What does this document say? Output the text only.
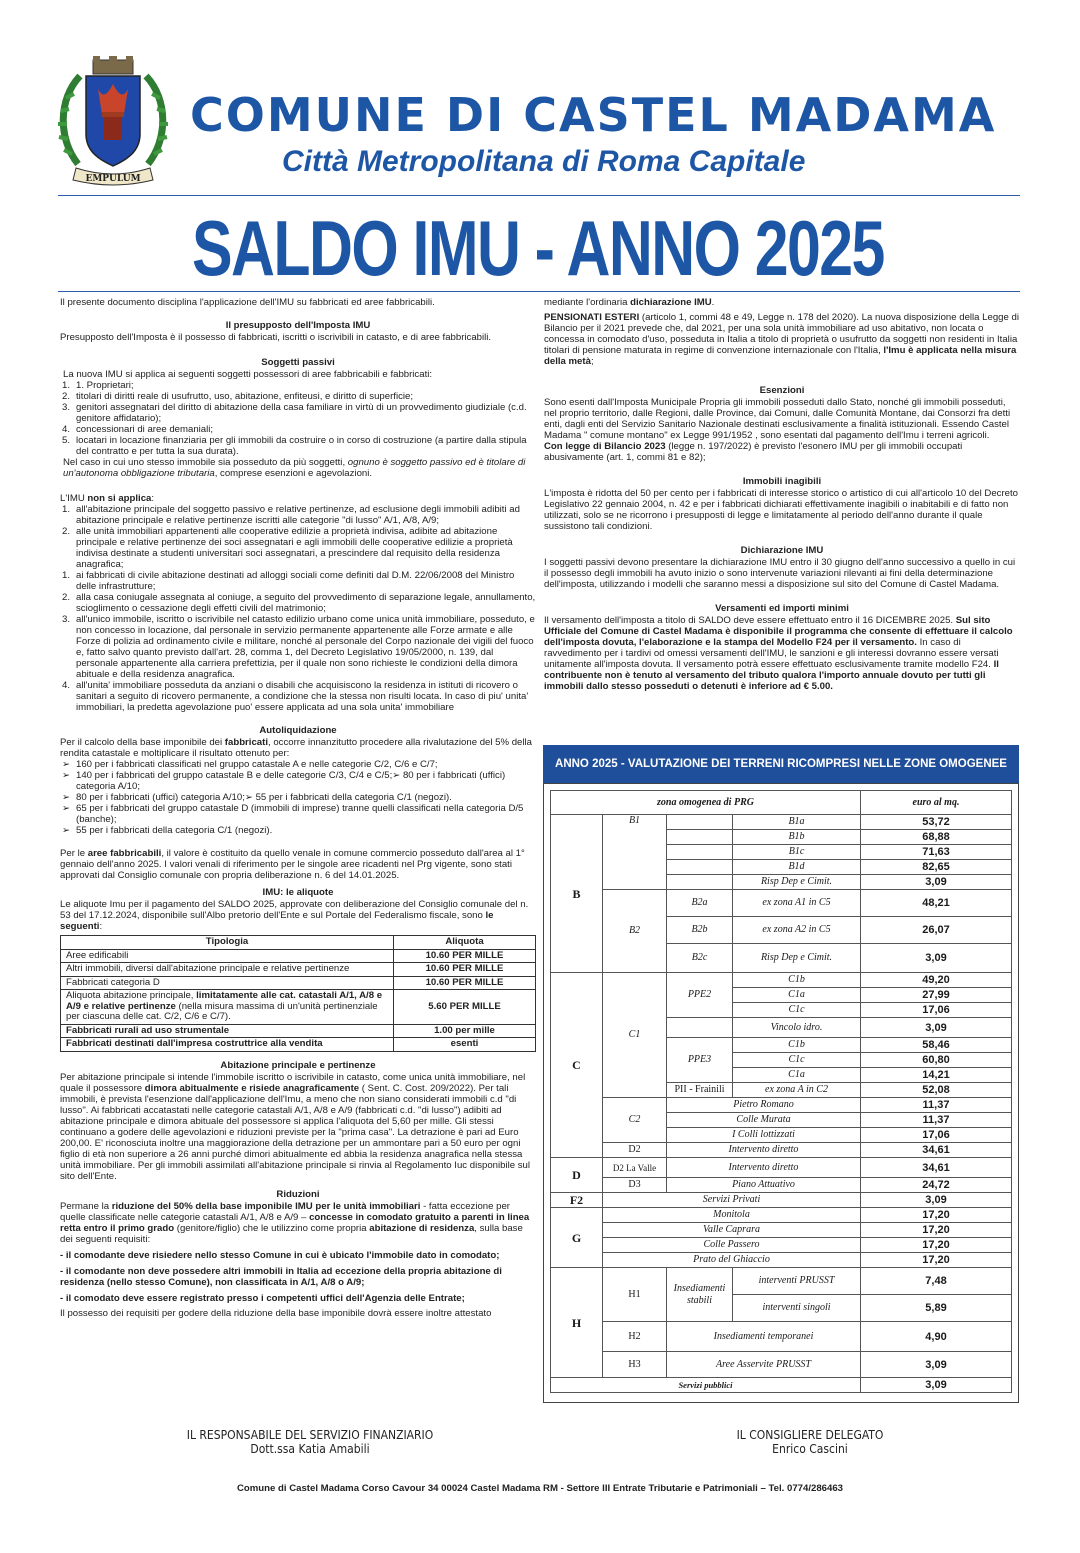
EMPULUM
COMUNE DI CASTEL MADAMA
Città Metropolitana di Roma Capitale
SALDO IMU - ANNO 2025

Il presente documento disciplina l'applicazione dell'IMU su fabbricati ed aree fabbricabili.

Il presupposto dell'Imposta IMU

Presupposto dell'Imposta è il possesso di fabbricati, iscritti o iscrivibili in catasto, e di aree fabbricabili.

Soggetti passivi

La nuova IMU si applica ai seguenti soggetti possessori di aree fabbricabili e fabbricati:

1. 1. Proprietari;
2. titolari di diritti reale di usufrutto, uso, abitazione, enfiteusi, e diritto di superficie;
3. genitori assegnatari del diritto di abitazione della casa familiare in virtù di un provvedimento giudiziale (c.d. genitore affidatario);
4. concessionari di aree demaniali;
5. locatari in locazione finanziaria per gli immobili da costruire o in corso di costruzione (a partire dalla stipula del contratto e per tutta la sua durata).

Nel caso in cui uno stesso immobile sia posseduto da più soggetti, ognuno è soggetto passivo ed è titolare di un'autonoma obbligazione tributaria, comprese esenzioni e agevolazioni.

L'IMU non si applica:

1. all'abitazione principale del soggetto passivo e relative pertinenze, ad esclusione degli immobili adibiti ad abitazione principale e relative pertinenze iscritti alle categorie "di lusso" A/1, A/8, A/9;
2. alle unità immobiliari appartenenti alle cooperative edilizie a proprietà indivisa, adibite ad abitazione principale e relative pertinenze dei soci assegnatari e agli immobili delle cooperative edilizie a proprietà indivisa destinate a studenti universitari soci assegnatari, a prescindere dal requisito della residenza anagrafica;
1. ai fabbricati di civile abitazione destinati ad alloggi sociali come definiti dal D.M. 22/06/2008 del Ministro delle infrastrutture;
2. alla casa coniugale assegnata al coniuge, a seguito del provvedimento di separazione legale, annullamento, scioglimento o cessazione degli effetti civili del matrimonio;
3. all'unico immobile, iscritto o iscrivibile nel catasto edilizio urbano come unica unità immobiliare, posseduto, e non concesso in locazione, dal personale in servizio permanente appartenente alle Forze armate e alle Forze di polizia ad ordinamento civile e militare, nonché al personale del Corpo nazionale dei vigili del fuoco e, fatto salvo quanto previsto dall'art. 28, comma 1, del Decreto Legislativo 19/05/2000, n. 139, dal personale appartenente alla carriera prefettizia, per il quale non sono richieste le condizioni della dimora abituale e della residenza anagrafica.
4. all'unita' immobiliare posseduta da anziani o disabili che acquisiscono la residenza in istituti di ricovero o sanitari a seguito di ricovero permanente, a condizione che la stessa non risulti locata. In caso di piu' unita' immobiliari, la predetta agevolazione puo' essere applicata ad una sola unita' immobiliare
Autoliquidazione

Per il calcolo della base imponibile dei fabbricati, occorre innanzitutto procedere alla rivalutazione del 5% della rendita catastale e moltiplicare il risultato ottenuto per:

➢ 160 per i fabbricati classificati nel gruppo catastale A e nelle categorie C/2, C/6 e C/7;
➢ 140 per i fabbricati del gruppo catastale B e delle categorie C/3, C/4 e C/5;➢ 80 per i fabbricati (uffici) categoria A/10;
➢ 80 per i fabbricati (uffici) categoria A/10;➢ 55 per i fabbricati della categoria C/1 (negozi).
➢ 65 per i fabbricati del gruppo catastale D (immobili di imprese) tranne quelli classificati nella categoria D/5 (banche);
➢ 55 per i fabbricati della categoria C/1 (negozi).

Per le aree fabbricabili, il valore è costituito da quello venale in comune commercio posseduto dall'area al 1° gennaio dell'anno 2025. I valori venali di riferimento per le singole aree ricadenti nel Prg vigente, sono stati approvati dal Consiglio comunale con propria deliberazione n. 6 del 14.01.2025.

IMU: le aliquote

Le aliquote Imu per il pagamento del SALDO 2025, approvate con deliberazione del Consiglio comunale del n. 53 del 17.12.2024, disponibile sull'Albo pretorio dell'Ente e sul Portale del Federalismo fiscale, sono le seguenti:

Tipologia	Aliquota
Aree edificabili	10.60 PER MILLE
Altri immobili, diversi dall'abitazione principale e relative pertinenze	10.60 PER MILLE
Fabbricati categoria D	10.60 PER MILLE
Aliquota abitazione principale, limitatamente alle cat. catastali A/1, A/8 e A/9 e relative pertinenze (nella misura massima di un'unità pertinenziale per ciascuna delle cat. C/2, C/6 e C/7).	5.60 PER MILLE
Fabbricati rurali ad uso strumentale	1.00 per mille
Fabbricati destinati dall'impresa costruttrice alla vendita	esenti
Abitazione principale e pertinenze

Per abitazione principale si intende l'immobile iscritto o iscrivibile in catasto, come unica unità immobiliare, nel quale il possessore dimora abitualmente e risiede anagraficamente ( Sent. C. Cost. 209/2022). Per tali immobili, è prevista l'esenzione dall'applicazione dell'Imu, a meno che non siano considerati immobili c.d "di lusso". Ai fabbricati accatastati nelle categorie catastali A/1, A/8 e A/9 (fabbricati c.d. "di lusso") adibiti ad abitazione principale e dimora abituale del possessore si applica l'aliquota del 5,60 per mille. Gli stessi continuano a godere delle agevolazioni e riduzioni previste per la "prima casa". La detrazione è pari ad Euro 200,00. E' riconosciuta inoltre una maggiorazione della detrazione per un ammontare pari a 50 euro per ogni figlio di età non superiore a 26 anni purché dimori abitualmente ed abbia la residenza anagrafica nella stessa unità immobiliare. Per gli immobili assimilati all'abitazione principale si rinvia al Regolamento Iuc disponibile sul sito dell'Ente.

Riduzioni

Permane la riduzione del 50% della base imponibile IMU per le unità immobiliari - fatta eccezione per quelle classificate nelle categorie catastali A/1, A/8 e A/9 – concesse in comodato gratuito a parenti in linea retta entro il primo grado (genitore/figlio) che le utilizzino come propria abitazione di residenza, sulla base dei seguenti requisiti:

- il comodante deve risiedere nello stesso Comune in cui è ubicato l'immobile dato in comodato;

- il comodante non deve possedere altri immobili in Italia ad eccezione della propria abitazione di residenza (nello stesso Comune), non classificata in A/1, A/8 o A/9;

- il comodato deve essere registrato presso i competenti uffici dell'Agenzia delle Entrate;

Il possesso dei requisiti per godere della riduzione della base imponibile dovrà essere inoltre attestato

mediante l'ordinaria dichiarazione IMU.

PENSIONATI ESTERI (articolo 1, commi 48 e 49, Legge n. 178 del 2020). La nuova disposizione della Legge di Bilancio per il 2021 prevede che, dal 2021, per una sola unità immobiliare ad uso abitativo, non locata o concessa in comodato d'uso, posseduta in Italia a titolo di proprietà o usufrutto da soggetti non residenti in Italia titolari di pensione maturata in regime di convenzione internazionale con l'Italia, l'Imu è applicata nella misura della metà;

Esenzioni

Sono esenti dall'Imposta Municipale Propria gli immobili posseduti dallo Stato, nonché gli immobili posseduti, nel proprio territorio, dalle Regioni, dalle Province, dai Comuni, dalle Comunità Montane, dai Consorzi fra detti enti, dagli enti del Servizio Sanitario Nazionale destinati esclusivamente a finalità istituzionali. Essendo Castel Madama " comune montano" ex Legge 991/1952 , sono esentati dal pagamento dell'Imu i terreni agricoli.

Con legge di Bilancio 2023 (legge n. 197/2022) è previsto l'esonero IMU per gli immobili occupati abusivamente (art. 1, commi 81 e 82);

Immobili inagibili

L'imposta è ridotta del 50 per cento per i fabbricati di interesse storico o artistico di cui all'articolo 10 del Decreto Legislativo 22 gennaio 2004, n. 42 e per i fabbricati dichiarati effettivamente inagibili o inabitabili e di fatto non utilizzati, solo se ne ricorrono i presupposti di legge e limitatamente al periodo dell'anno durante il quale sussistono tali condizioni.

Dichiarazione IMU

I soggetti passivi devono presentare la dichiarazione IMU entro il 30 giugno dell'anno successivo a quello in cui il possesso degli immobili ha avuto inizio o sono intervenute variazioni rilevanti ai fini della determinazione dell'imposta, utilizzando i modelli che saranno messi a disposizione sul sito del Comune di Castel Madama.

Versamenti ed importi minimi

Il versamento dell'imposta a titolo di SALDO deve essere effettuato entro il 16 DICEMBRE 2025. Sul sito Ufficiale del Comune di Castel Madama è disponibile il programma che consente di effettuare il calcolo dell'imposta dovuta, l'elaborazione e la stampa del Modello F24 per il versamento. In caso di ravvedimento per i tardivi od omessi versamenti dell'IMU, le sanzioni e gli interessi dovranno essere versati unitamente all'imposta dovuta. Il versamento potrà essere effettuato esclusivamente tramite modello F24. Il contribuente non è tenuto al versamento del tributo qualora l'importo annuale dovuto per tutti gli immobili dallo stesso posseduti o detenuti è inferiore ad € 5.00.

ANNO 2025 - VALUTAZIONE DEI TERRENI RICOMPRESI NELLE ZONE OMOGENEE
zona omogenea di PRG				euro al mq.
B	B1		B1a	53,72
			B1b	68,88
			B1c	71,63
			B1d	82,65
			Risp Dep e Cimit.	3,09
	B2	B2a	ex zona A1 in C5	48,21
		B2b	ex zona A2 in C5	26,07
		B2c	Risp Dep e Cimit.	3,09
C	C1	PPE2	C1b	49,20
			C1a	27,99
			C1c	17,06
			Vincolo idro.	3,09
		PPE3	C1b	58,46
			C1c	60,80
			C1a	14,21
		PII - Frainili	ex zona A in C2	52,08
	C2	Pietro Romano		11,37
		Colle Murata		11,37
		I Colli lottizzati		17,06
	D2	Intervento diretto		34,61
D	D2 La Valle	Intervento diretto		34,61
	D3	Piano Attuativo		24,72
F2	Servizi Privati			3,09
G	Monitola			17,20
	Valle Caprara			17,20
	Colle Passero			17,20
	Prato del Ghiaccio			17,20
H	H1	Insediamenti stabili	interventi PRUSST	7,48
			interventi singoli	5,89
	H2	Insediamenti temporanei		4,90
	H3	Aree Asservite PRUSST		3,09
Servizi pubblici				3,09
IL RESPONSABILE DEL SERVIZIO FINANZIARIO
Dott.ssa Katia Amabili
IL CONSIGLIERE DELEGATO
Enrico Cascini
Comune di Castel Madama Corso Cavour 34 00024 Castel Madama RM - Settore III Entrate Tributarie e Patrimoniali – Tel. 0774/286463
